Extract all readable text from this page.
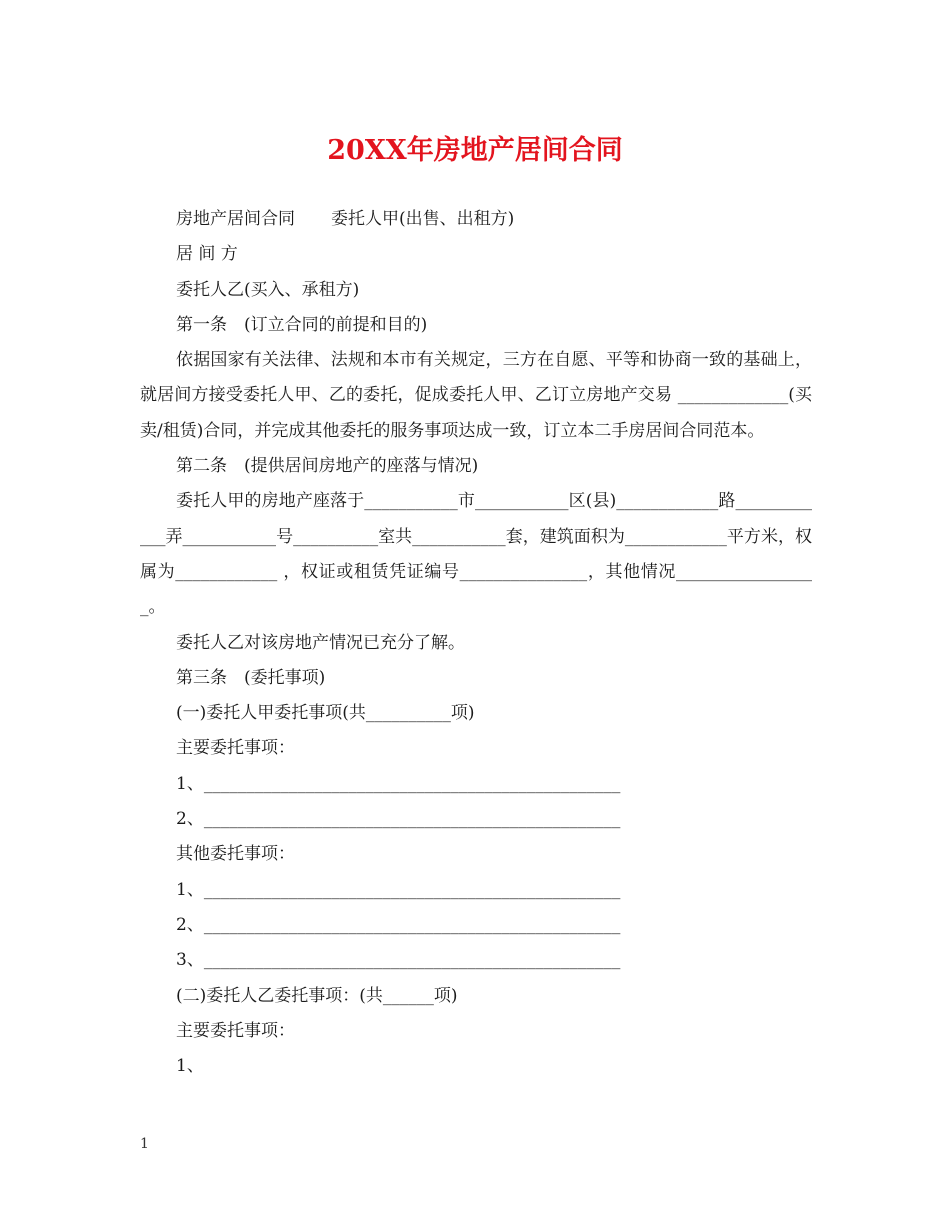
20XX年房地产居间合同

房地产居间合同 委托人甲(出售、出租方)

居 间 方

委托人乙(买入、承租方)

第一条　(订立合同的前提和目的)

依据国家有关法律、法规和本市有关规定，三方在自愿、平等和协商一致的基础上，就居间方接受委托人甲、乙的委托，促成委托人甲、乙订立房地产交易 _____________(买卖/租赁)合同，并完成其他委托的服务事项达成一致，订立本二手房居间合同范本。

第二条　(提供居间房地产的座落与情况)

委托人甲的房地产座落于___________市___________区(县)____________路____________弄___________号__________室共___________套，建筑面积为____________平方米，权属为____________ ，权证或租赁凭证编号_______________，其他情况_________________。

委托人乙对该房地产情况已充分了解。

第三条　(委托事项)

(一)委托人甲委托事项(共__________项)

主要委托事项：

1、_________________________________________________

2、_________________________________________________

其他委托事项：

1、_________________________________________________

2、_________________________________________________

3、_________________________________________________

(二)委托人乙委托事项：(共______项)

主要委托事项：

1、

1
